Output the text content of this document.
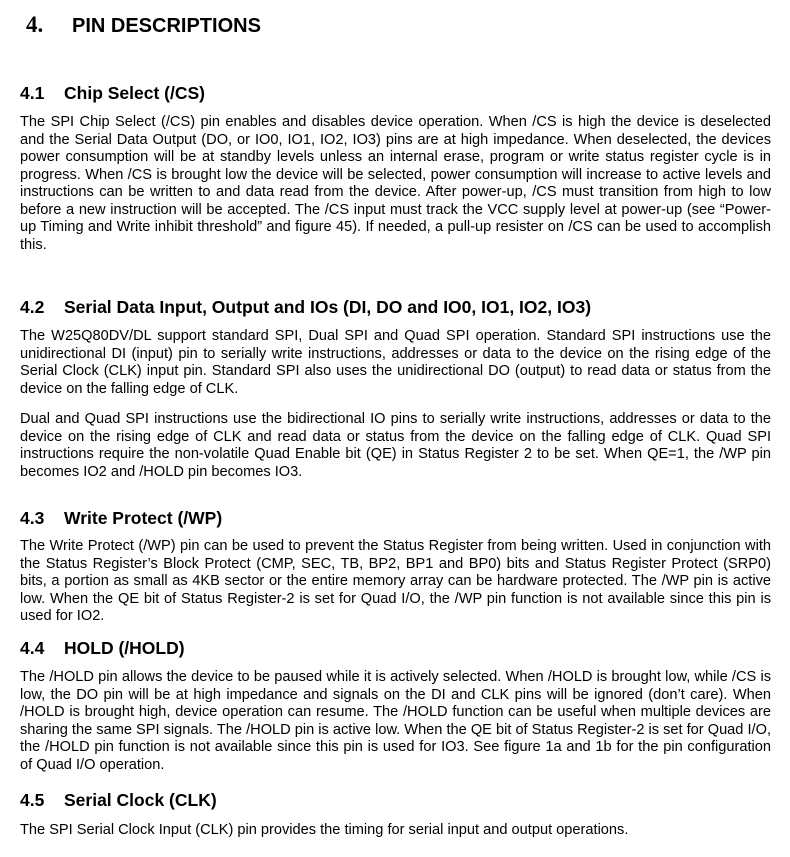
4. PIN DESCRIPTIONS
4.1 Chip Select (/CS)

The SPI Chip Select (/CS) pin enables and disables device operation. When /CS is high the device is deselected and the Serial Data Output (DO, or IO0, IO1, IO2, IO3) pins are at high impedance. When deselected, the devices power consumption will be at standby levels unless an internal erase, program or write status register cycle is in progress. When /CS is brought low the device will be selected, power consumption will increase to active levels and instructions can be written to and data read from the device. After power-up, /CS must transition from high to low before a new instruction will be accepted. The /CS input must track the VCC supply level at power-up (see “Power-up Timing and Write inhibit threshold” and figure 45). If needed, a pull-up resister on /CS can be used to accomplish this.

4.2 Serial Data Input, Output and IOs (DI, DO and IO0, IO1, IO2, IO3)

The W25Q80DV/DL support standard SPI, Dual SPI and Quad SPI operation. Standard SPI instructions use the unidirectional DI (input) pin to serially write instructions, addresses or data to the device on the rising edge of the Serial Clock (CLK) input pin. Standard SPI also uses the unidirectional DO (output) to read data or status from the device on the falling edge of CLK.

Dual and Quad SPI instructions use the bidirectional IO pins to serially write instructions, addresses or data to the device on the rising edge of CLK and read data or status from the device on the falling edge of CLK. Quad SPI instructions require the non-volatile Quad Enable bit (QE) in Status Register 2 to be set. When QE=1, the /WP pin becomes IO2 and /HOLD pin becomes IO3.

4.3 Write Protect (/WP)

The Write Protect (/WP) pin can be used to prevent the Status Register from being written. Used in conjunction with the Status Register’s Block Protect (CMP, SEC, TB, BP2, BP1 and BP0) bits and Status Register Protect (SRP0) bits, a portion as small as 4KB sector or the entire memory array can be hardware protected. The /WP pin is active low. When the QE bit of Status Register-2 is set for Quad I/O, the /WP pin function is not available since this pin is used for IO2.

4.4 HOLD (/HOLD)

The /HOLD pin allows the device to be paused while it is actively selected. When /HOLD is brought low, while /CS is low, the DO pin will be at high impedance and signals on the DI and CLK pins will be ignored (don’t care). When /HOLD is brought high, device operation can resume. The /HOLD function can be useful when multiple devices are sharing the same SPI signals. The /HOLD pin is active low. When the QE bit of Status Register-2 is set for Quad I/O, the /HOLD pin function is not available since this pin is used for IO3. See figure 1a and 1b for the pin configuration of Quad I/O operation.

4.5 Serial Clock (CLK)

The SPI Serial Clock Input (CLK) pin provides the timing for serial input and output operations.
